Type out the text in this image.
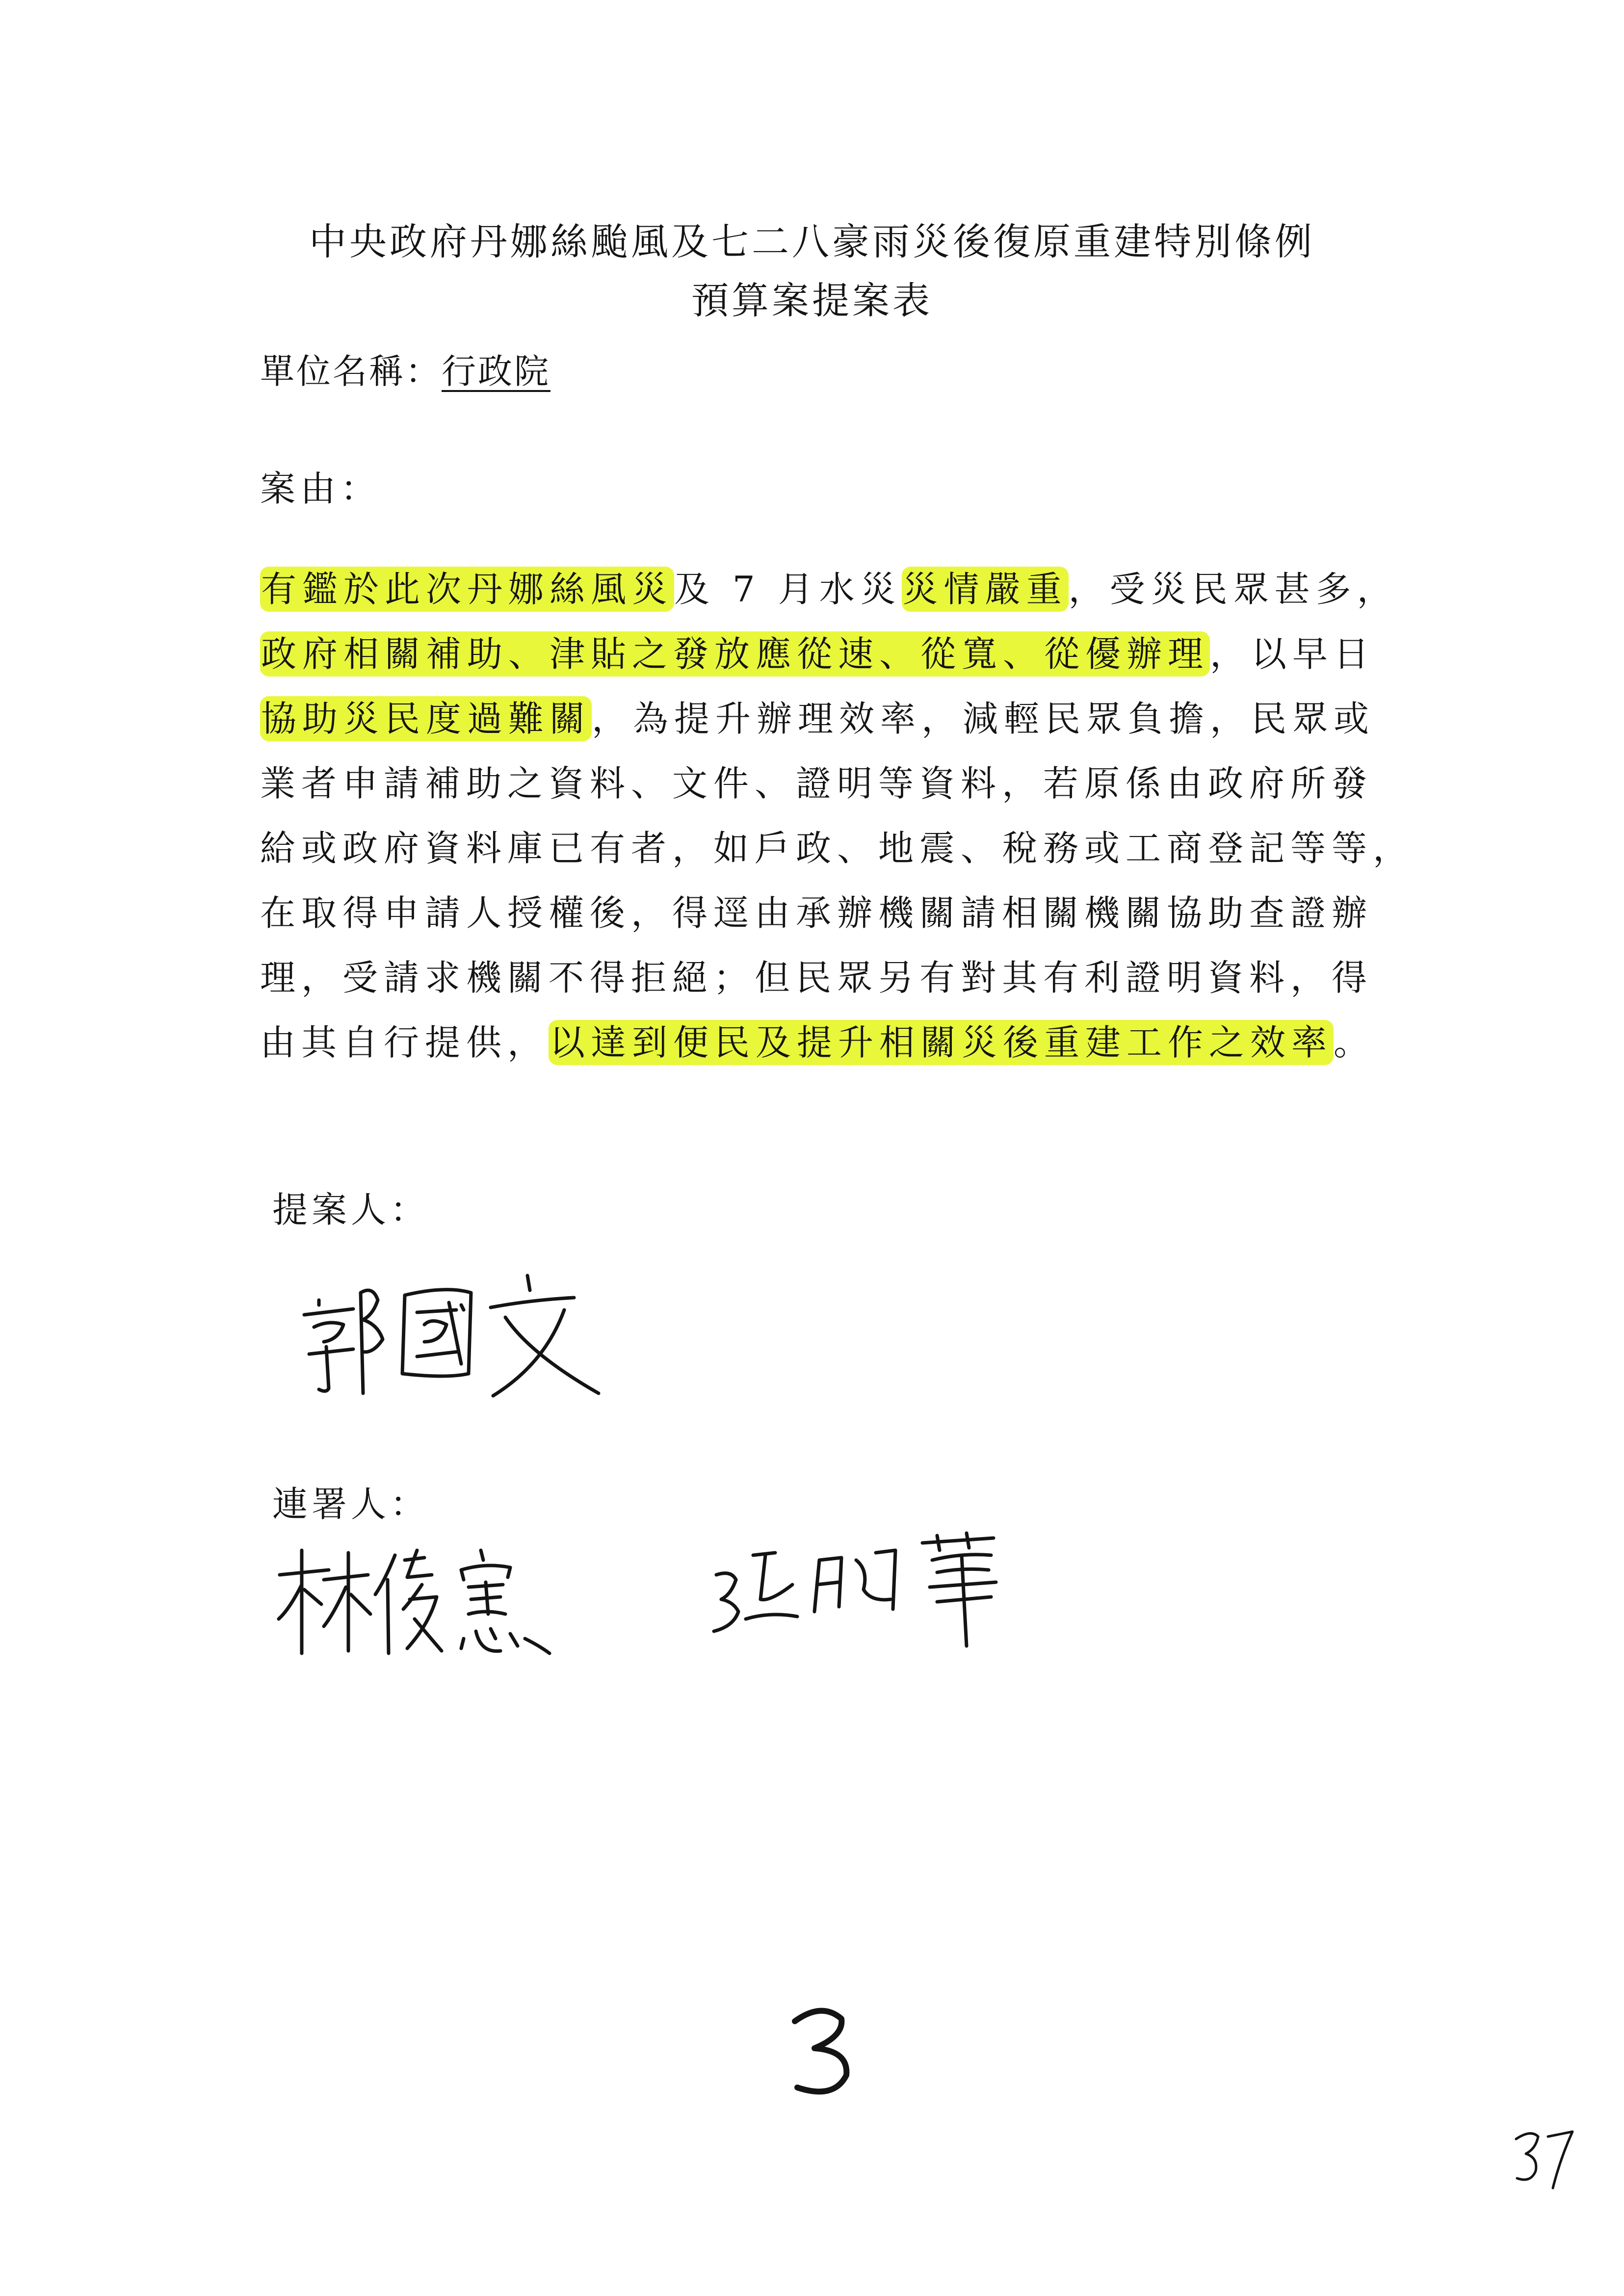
中央政府丹娜絲颱風及七二八豪雨災後復原重建特別條例
預算案提案表
單位名稱：行政院
案由：
有鑑於此次丹娜絲風災及 7 月水災災情嚴重，受災民眾甚多，
政府相關補助、津貼之發放應從速、從寬、從優辦理，以早日
協助災民度過難關，為提升辦理效率，減輕民眾負擔，民眾或
業者申請補助之資料、文件、證明等資料，若原係由政府所發
給或政府資料庫已有者，如戶政、地震、稅務或工商登記等等，
在取得申請人授權後，得逕由承辦機關請相關機關協助查證辦
理，受請求機關不得拒絕；但民眾另有對其有利證明資料，得
由其自行提供，以達到便民及提升相關災後重建工作之效率。
提案人：
連署人：
